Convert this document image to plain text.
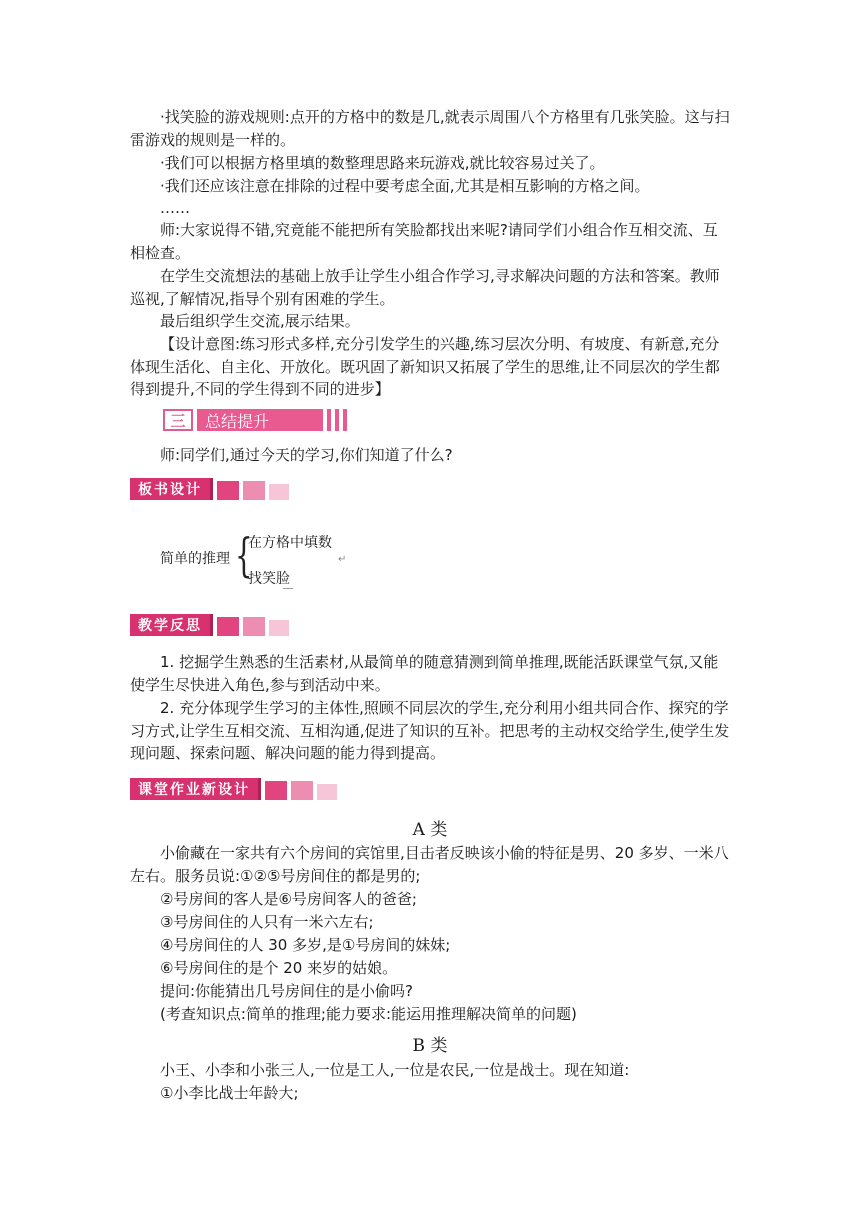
·找笑脸的游戏规则:点开的方格中的数是几,就表示周围八个方格里有几张笑脸。这与扫雷游戏的规则是一样的。

·我们可以根据方格里填的数整理思路来玩游戏,就比较容易过关了。

·我们还应该注意在排除的过程中要考虑全面,尤其是相互影响的方格之间。

……

师:大家说得不错,究竟能不能把所有笑脸都找出来呢?请同学们小组合作互相交流、互相检查。

在学生交流想法的基础上放手让学生小组合作学习,寻求解决问题的方法和答案。教师巡视,了解情况,指导个别有困难的学生。

最后组织学生交流,展示结果。

【设计意图:练习形式多样,充分引发学生的兴趣,练习层次分明、有坡度、有新意,充分体现生活化、自主化、开放化。既巩固了新知识又拓展了学生的思维,让不同层次的学生都得到提升,不同的学生得到不同的进步】

三	总结提升

师:同学们,通过今天的学习,你们知道了什么?

板书设计
简单的推理 {
在方格中填数
找笑脸
↵
教学反思

1. 挖掘学生熟悉的生活素材,从最简单的随意猜测到简单推理,既能活跃课堂气氛,又能使学生尽快进入角色,参与到活动中来。

2. 充分体现学生学习的主体性,照顾不同层次的学生,充分利用小组共同合作、探究的学习方式,让学生互相交流、互相沟通,促进了知识的互补。把思考的主动权交给学生,使学生发现问题、探索问题、解决问题的能力得到提高。

课堂作业新设计
A 类

小偷藏在一家共有六个房间的宾馆里,目击者反映该小偷的特征是男、20 多岁、一米八左右。服务员说:①②⑤号房间住的都是男的;

②号房间的客人是⑥号房间客人的爸爸;

③号房间住的人只有一米六左右;

④号房间住的人 30 多岁,是①号房间的妹妹;

⑥号房间住的是个 20 来岁的姑娘。

提问:你能猜出几号房间住的是小偷吗?

(考查知识点:简单的推理;能力要求:能运用推理解决简单的问题)

B 类

小王、小李和小张三人,一位是工人,一位是农民,一位是战士。现在知道:

①小李比战士年龄大;
